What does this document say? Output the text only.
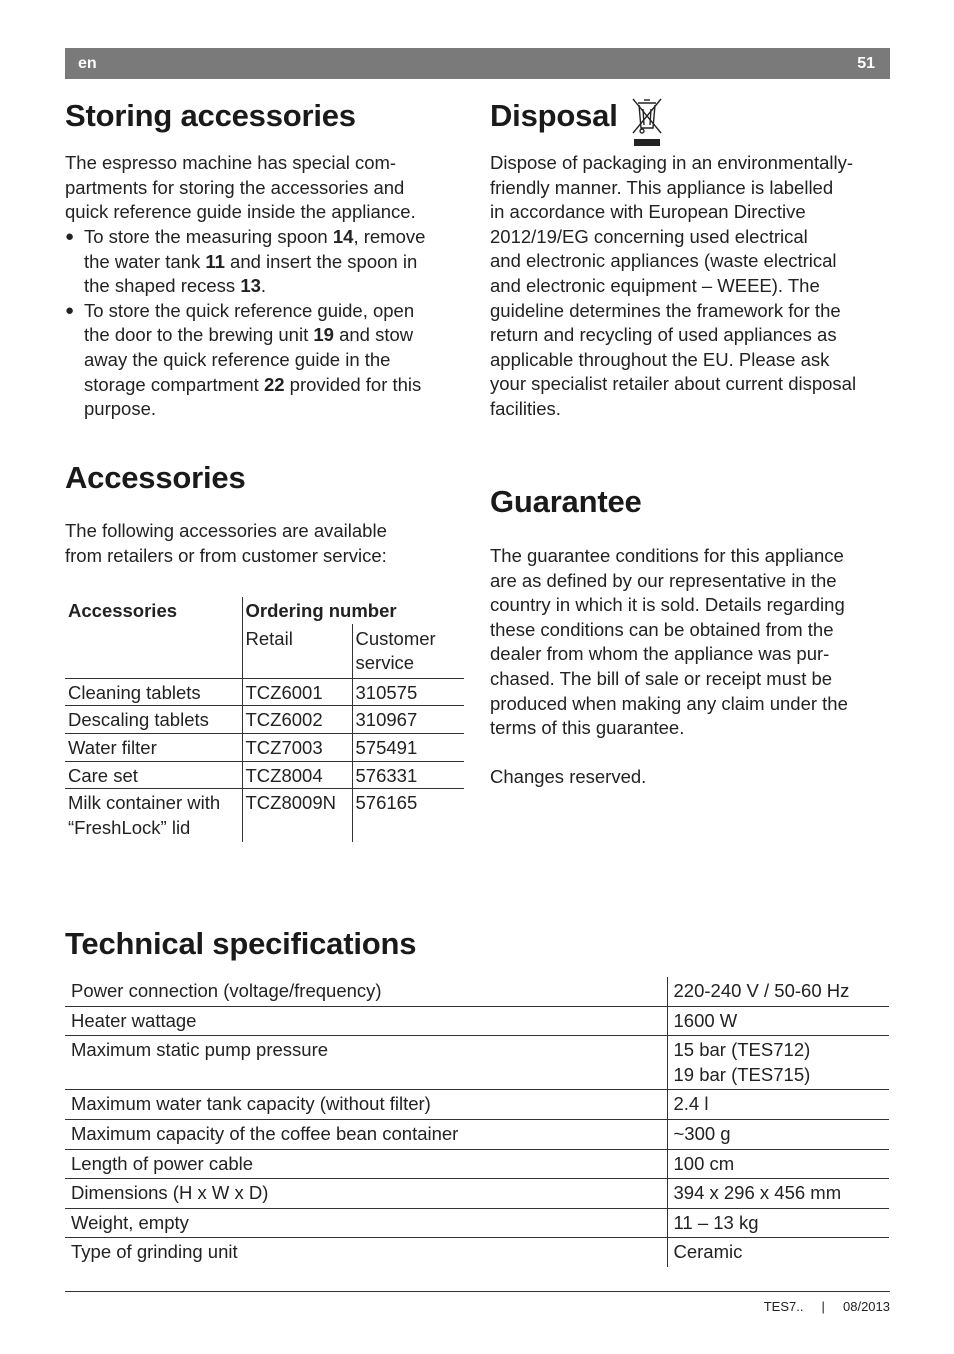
en	51
Storing accessories
The espresso machine has special com-
partments for storing the accessories and
quick reference guide inside the appliance.
● To store the measuring spoon 14, remove
the water tank 11 and insert the spoon in
the shaped recess 13.
● To store the quick reference guide, open
the door to the brewing unit 19 and stow
away the quick reference guide in the
storage compartment 22 provided for this
purpose.
Accessories
The following accessories are available
from retailers or from customer service:
Accessories	Ordering number	
	Retail	Customer
service

Cleaning tablets	TCZ6001	310575
Descaling tablets	TCZ6002	310967
Water filter	TCZ7003	575491
Care set	TCZ8004	576331

Milk container with
“FreshLock” lid	TCZ8009N	576165
Disposal
Dispose of packaging in an environmentally-
friendly manner. This appliance is labelled
in accordance with European Directive
2012/19/EG concerning used electrical
and electronic appliances (waste electrical
and electronic equipment – WEEE). The
guideline determines the framework for the
return and recycling of used appliances as
applicable throughout the EU. Please ask
your specialist retailer about current disposal
facilities.
Guarantee
The guarantee conditions for this appliance
are as defined by our representative in the
country in which it is sold. Details regarding
these conditions can be obtained from the
dealer from whom the appliance was pur-
chased. The bill of sale or receipt must be
produced when making any claim under the
terms of this guarantee.
Changes reserved.
Technical specifications
Power connection (voltage/frequency)	220-240 V / 50-60 Hz
Heater wattage	1600 W
Maximum static pump pressure	15 bar (TES712)
19 bar (TES715)

Maximum water tank capacity (without filter)	2.4 l
Maximum capacity of the coffee bean container	~300 g
Length of power cable	100 cm
Dimensions (H x W x D)	394 x 296 x 456 mm
Weight, empty	11 – 13 kg
Type of grinding unit	Ceramic
TES7.. | 08/2013
